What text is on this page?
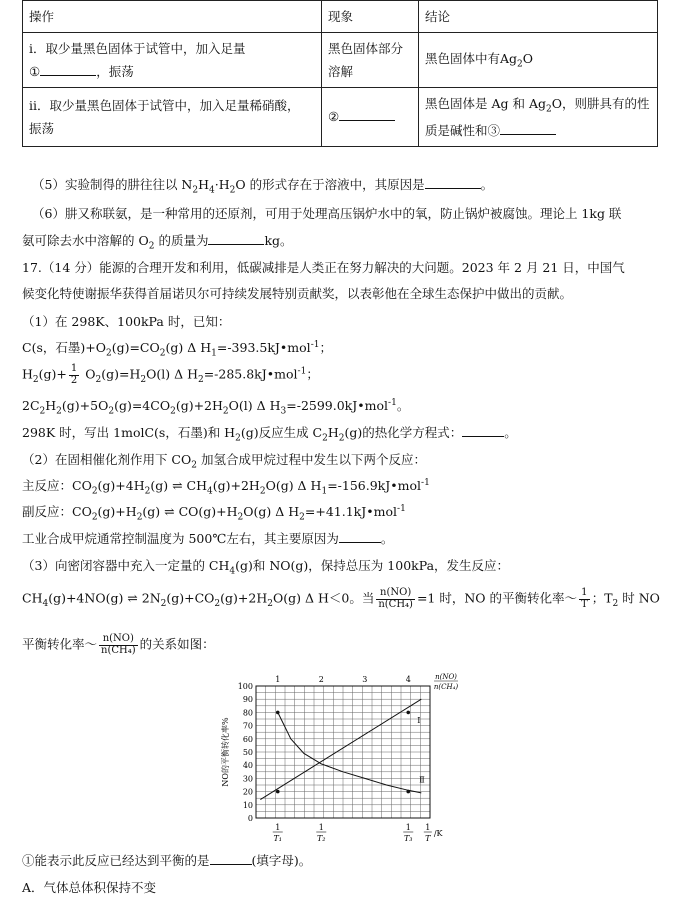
操作	现象	结论
ⅰ．取少量黑色固体于试管中，加入足量
① ，振荡	黑色固体部分溶解	黑色固体中有$Ag_2O$
ⅱ．取少量黑色固体于试管中，加入足量稀硝酸，
振荡	②	黑色固体是 Ag 和 $Ag_2O$，则肼具有的性
质是碱性和③
（5）实验制得的肼往往以 $N_2H_4\cdot H_2O$ 的形式存在于溶液中，其原因是	。
（6）肼又称联氨，是一种常用的还原剂，可用于处理高压锅炉水中的氧，防止锅炉被腐蚀。理论上 1kg 联
氨可除去水中溶解的 $O_2$ 的质量为	kg。
17.（14 分）能源的合理开发和利用，低碳减排是人类正在努力解决的大问题。2023 年 2 月 21 日，中国气
候变化特使谢振华获得首届诺贝尔可持续发展特别贡献奖，以表彰他在全球生态保护中做出的贡献。
（1）在 298K、100kPa 时，已知：
C(s，石墨)$+O_2(g)=CO_2(g)$ Δ $H_1=-393.5kJ•mol^{-1}$；
$H_2(g)+ \frac{1}{2} O_2(g)=H_2O(l)$ Δ $H_2=-285.8kJ•mol^{-1}$；
$2C_2H_2(g)+5O_2(g)=4CO_2(g)+2H_2O(l)$ Δ $H_3=-2599.0kJ•mol^{-1}$。
298K 时，写出 1molC(s，石墨)和 $H_2(g)$反应生成 $C_2H_2(g)$的热化学方程式：	。
（2）在固相催化剂作用下 $CO_2$ 加氢合成甲烷过程中发生以下两个反应：
主反应：$CO_2(g)+4H_2(g)$ ⇌ $CH_4(g)+2H_2O(g)$ Δ $H_1=-156.9kJ•mol^{-1}$
副反应：$CO_2(g)+H_2(g)$ ⇌ $CO(g)+H_2O(g)$ Δ $H_2=+41.1kJ•mol^{-1}$
工业合成甲烷通常控制温度为 500℃左右，其主要原因为	。
（3）向密闭容器中充入一定量的 $CH_4(g)$和 NO(g)，保持总压为 100kPa，发生反应：
$CH_4(g)+4NO(g)$ ⇌ $2N_2(g)+CO_2(g)+2H_2O(g)$ Δ H＜0。当 $\frac{n(NO)}{\text{n(CH₄)}} =1$ 时，NO 的平衡转化率～ $\frac{1}{T}$ ；$T_2$ 时 NO
平衡转化率～ $\frac{n(NO)}{\text{n(CH₄)}}$ 的关系如图：
0
10
20
30
40
50
60
70
80
90
100
NO的平衡转化率%
1	2	3	4	n(NO)
n(CH₄)
1
T₁
1
T₂
1
T₃
1
T
/K
Ⅰ
Ⅱ
①能表示此反应已经达到平衡的是	(填字母)。
A．气体总体积保持不变
